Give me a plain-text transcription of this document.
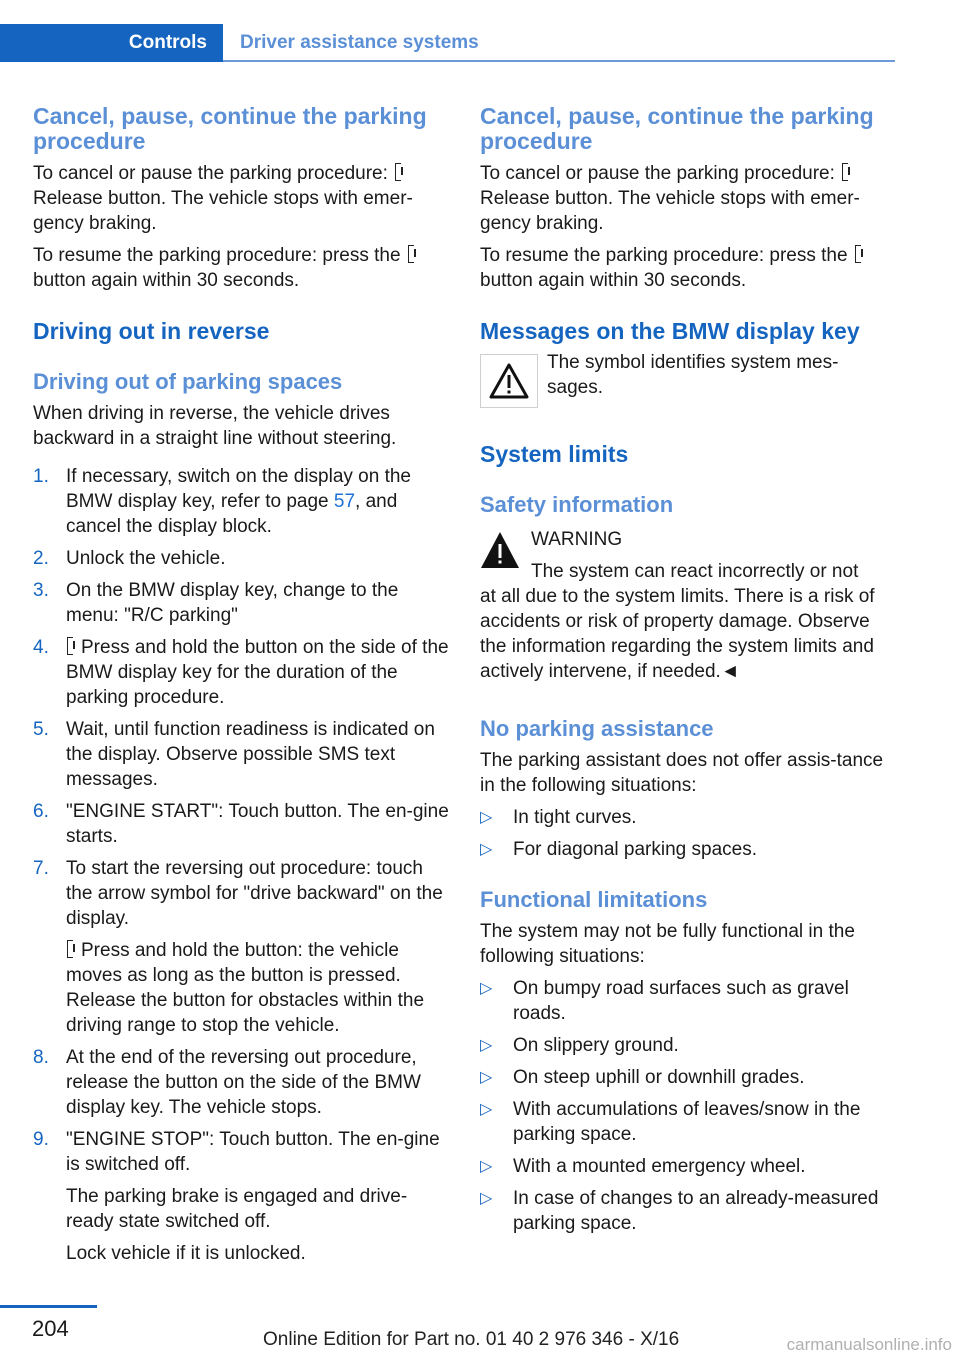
Controls	Driver assistance systems
Cancel, pause, continue the parking procedure

To cancel or pause the parking procedure:
Release button. The vehicle stops with emer‐gency braking.

To resume the parking procedure: press the
button again within 30 seconds.

Driving out in reverse
Driving out of parking spaces

When driving in reverse, the vehicle drives backward in a straight line without steering.

1. If necessary, switch on the display on the BMW display key, refer to page 57, and cancel the display block.
2. Unlock the vehicle.
3. On the BMW display key, change to the menu: "R/C parking"
4. Press and hold the button on the side of the BMW display key for the duration of the parking procedure.
5. Wait, until function readiness is indicated on the display. Observe possible SMS text messages.
6. "ENGINE START": Touch button. The en‐gine starts.
7. To start the reversing out procedure: touch the arrow symbol for "drive backward" on the display.
Press and hold the button: the vehicle moves as long as the button is pressed. Release the button for obstacles within the driving range to stop the vehicle.
8. At the end of the reversing out procedure, release the button on the side of the BMW display key. The vehicle stops.
9. "ENGINE STOP": Touch button. The en‐gine is switched off.
The parking brake is engaged and drive-ready state switched off.
Lock vehicle if it is unlocked.
Cancel, pause, continue the parking procedure

To cancel or pause the parking procedure:
Release button. The vehicle stops with emer‐gency braking.

To resume the parking procedure: press the
button again within 30 seconds.

Messages on the BMW display key

The symbol identifies system mes‐sages.

System limits
Safety information
WARNING
The system can react incorrectly or not
at all due to the system limits. There is a risk of accidents or risk of property damage. Observe the information regarding the system limits and actively intervene, if needed.◄
No parking assistance

The parking assistant does not offer assis‐tance in the following situations:

▷ In tight curves.
▷ For diagonal parking spaces.
Functional limitations

The system may not be fully functional in the following situations:

▷ On bumpy road surfaces such as gravel roads.
▷ On slippery ground.
▷ On steep uphill or downhill grades.
▷ With accumulations of leaves/snow in the parking space.
▷ With a mounted emergency wheel.
▷ In case of changes to an already-measured parking space.
204	Online Edition for Part no. 01 40 2 976 346 - X/16	carmanualsonline.info
